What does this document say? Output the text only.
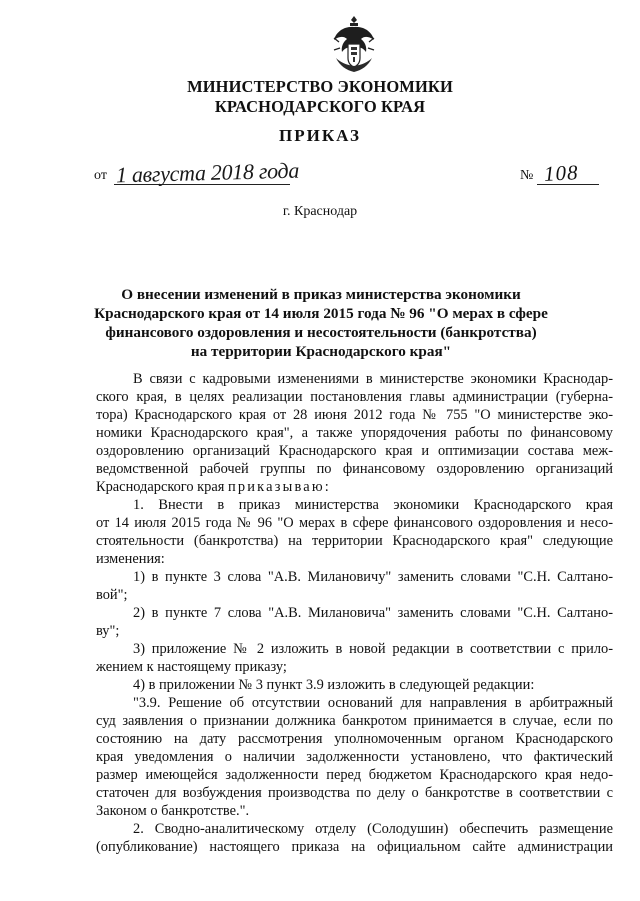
МИНИСТЕРСТВО ЭКОНОМИКИ
КРАСНОДАРСКОГО КРАЯ
ПРИКАЗ
от 1 августа 2018 года	№ 108
г. Краснодар
О внесении изменений в приказ министерства экономики
Краснодарского края от 14 июля 2015 года № 96 "О мерах в сфере
финансового оздоровления и несостоятельности (банкротства)
на территории Краснодарского края"
В связи с кадровыми изменениями в министерстве экономики Краснодар-
ского края, в целях реализации постановления главы администрации (губерна-
тора) Краснодарского края от 28 июня 2012 года № 755 "О министерстве эко-
номики Краснодарского края", а также упорядочения работы по финансовому
оздоровлению организаций Краснодарского края и оптимизации состава меж-
ведомственной рабочей группы по финансовому оздоровлению организаций
Краснодарского края приказываю:
1. Внести в приказ министерства экономики Краснодарского края
от 14 июля 2015 года № 96 "О мерах в сфере финансового оздоровления и несо-
стоятельности (банкротства) на территории Краснодарского края" следующие
изменения:
1) в пункте 3 слова "А.В. Милановичу" заменить словами "С.Н. Салтано-
вой";
2) в пункте 7 слова "А.В. Милановича" заменить словами "С.Н. Салтано-
ву";
3) приложение № 2 изложить в новой редакции в соответствии с прило-
жением к настоящему приказу;
4) в приложении № 3 пункт 3.9 изложить в следующей редакции:
"3.9. Решение об отсутствии оснований для направления в арбитражный
суд заявления о признании должника банкротом принимается в случае, если по
состоянию на дату рассмотрения уполномоченным органом Краснодарского
края уведомления о наличии задолженности установлено, что фактический
размер имеющейся задолженности перед бюджетом Краснодарского края недо-
статочен для возбуждения производства по делу о банкротстве в соответствии с
Законом о банкротстве.".
2. Сводно-аналитическому отделу (Солодушин) обеспечить размещение
(опубликование) настоящего приказа на официальном сайте администрации
